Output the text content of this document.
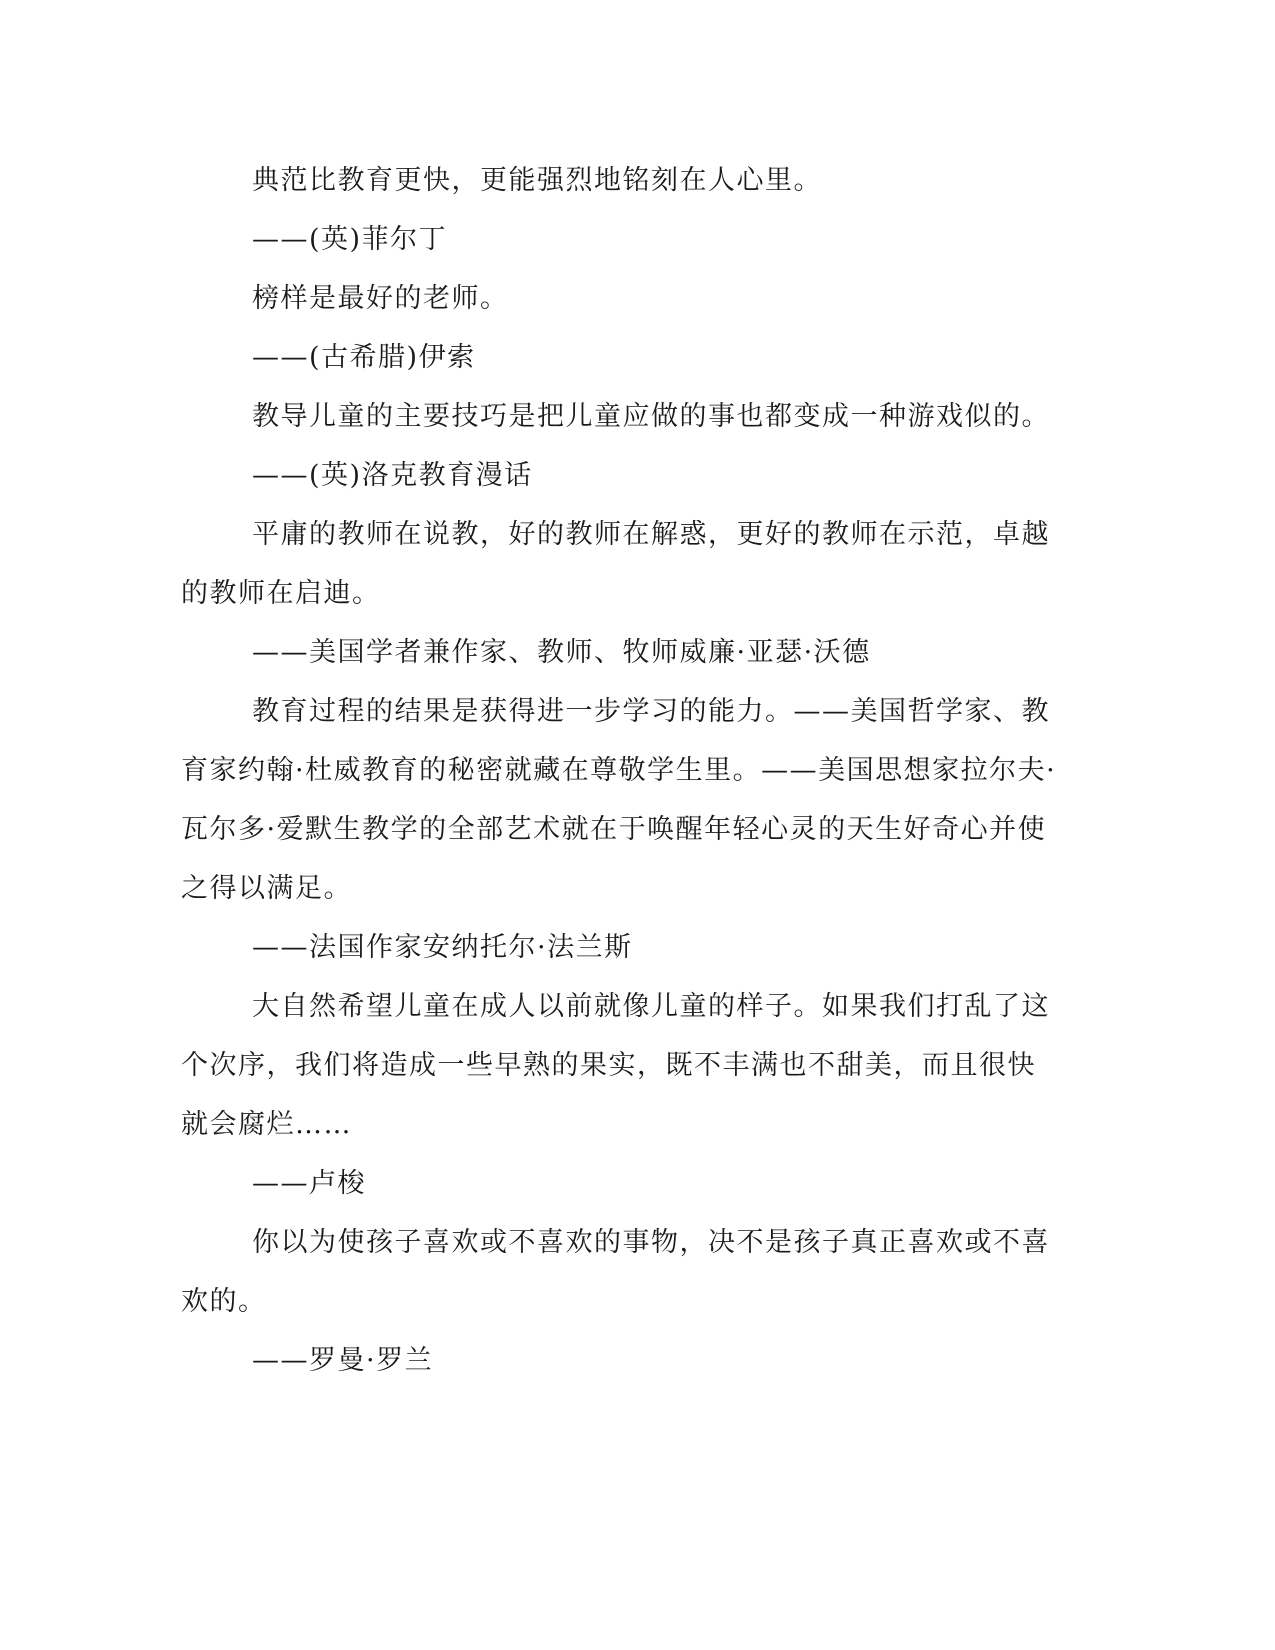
典范比教育更快，更能强烈地铭刻在人心里。

——(英)菲尔丁

榜样是最好的老师。

——(古希腊)伊索

教导儿童的主要技巧是把儿童应做的事也都变成一种游戏似的。

——(英)洛克教育漫话

平庸的教师在说教，好的教师在解惑，更好的教师在示范，卓越

的教师在启迪。

——美国学者兼作家、教师、牧师威廉·亚瑟·沃德

教育过程的结果是获得进一步学习的能力。——美国哲学家、教

育家约翰·杜威教育的秘密就藏在尊敬学生里。——美国思想家拉尔夫·

瓦尔多·爱默生教学的全部艺术就在于唤醒年轻心灵的天生好奇心并使

之得以满足。

——法国作家安纳托尔·法兰斯

大自然希望儿童在成人以前就像儿童的样子。如果我们打乱了这

个次序，我们将造成一些早熟的果实，既不丰满也不甜美，而且很快

就会腐烂……

——卢梭

你以为使孩子喜欢或不喜欢的事物，决不是孩子真正喜欢或不喜

欢的。

——罗曼·罗兰
